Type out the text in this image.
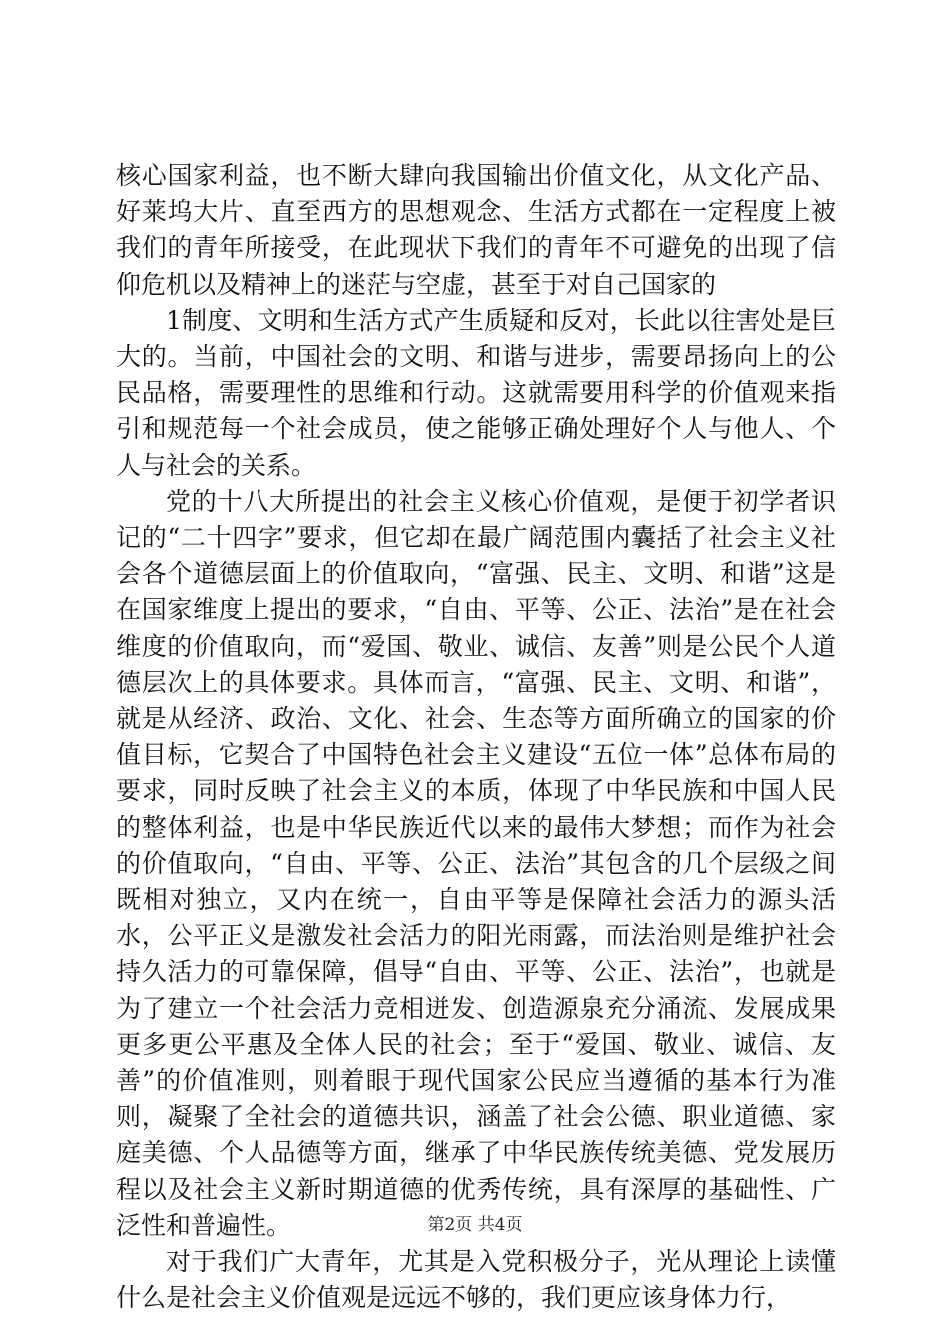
核心国家利益，也不断大肆向我国输出价值文化，从文化产品、好莱坞大片、直至西方的思想观念、生活方式都在一定程度上被我们的青年所接受，在此现状下我们的青年不可避免的出现了信仰危机以及精神上的迷茫与空虚，甚至于对自己国家的

1制度、文明和生活方式产生质疑和反对，长此以往害处是巨大的。当前，中国社会的文明、和谐与进步，需要昂扬向上的公民品格，需要理性的思维和行动。这就需要用科学的价值观来指引和规范每一个社会成员，使之能够正确处理好个人与他人、个人与社会的关系。

党的十八大所提出的社会主义核心价值观，是便于初学者识记的“二十四字”要求，但它却在最广阔范围内囊括了社会主义社会各个道德层面上的价值取向，“富强、民主、文明、和谐”这是在国家维度上提出的要求，“自由、平等、公正、法治”是在社会维度的价值取向，而“爱国、敬业、诚信、友善”则是公民个人道德层次上的具体要求。具体而言，“富强、民主、文明、和谐”，就是从经济、政治、文化、社会、生态等方面所确立的国家的价值目标，它契合了中国特色社会主义建设“五位一体”总体布局的要求，同时反映了社会主义的本质，体现了中华民族和中国人民的整体利益，也是中华民族近代以来的最伟大梦想；而作为社会的价值取向，“自由、平等、公正、法治”其包含的几个层级之间既相对独立，又内在统一，自由平等是保障社会活力的源头活水，公平正义是激发社会活力的阳光雨露，而法治则是维护社会持久活力的可靠保障，倡导“自由、平等、公正、法治”，也就是为了建立一个社会活力竞相迸发、创造源泉充分涌流、发展成果更多更公平惠及全体人民的社会；至于“爱国、敬业、诚信、友善”的价值准则，则着眼于现代国家公民应当遵循的基本行为准则，凝聚了全社会的道德共识，涵盖了社会公德、职业道德、家庭美德、个人品德等方面，继承了中华民族传统美德、党发展历程以及社会主义新时期道德的优秀传统，具有深厚的基础性、广泛性和普遍性。

对于我们广大青年，尤其是入党积极分子，光从理论上读懂什么是社会主义价值观是远远不够的，我们更应该身体力行，

第2页 共4页
